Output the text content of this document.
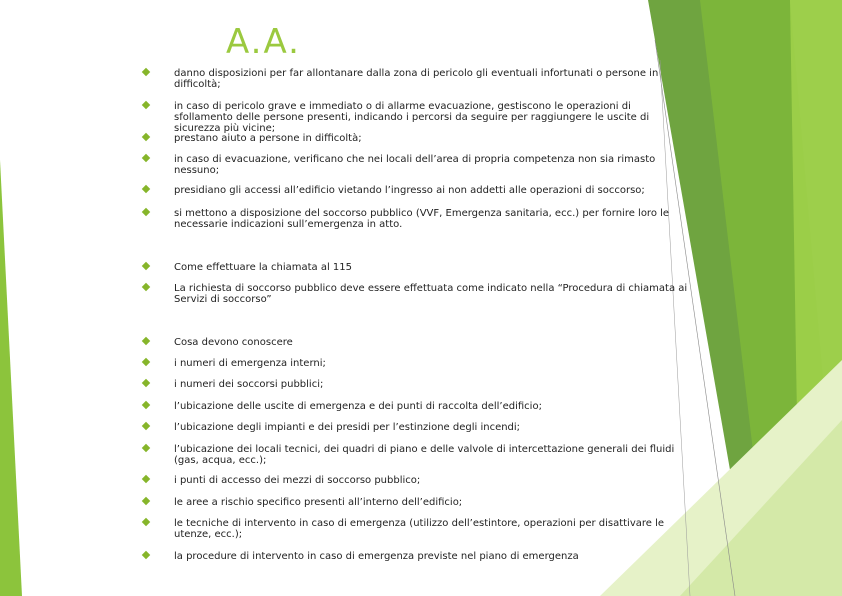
A.A.
danno disposizioni per far allontanare dalla zona di pericolo gli eventuali infortunati o persone in difficoltà;
in caso di pericolo grave e immediato o di allarme evacuazione, gestiscono le operazioni di sfollamento delle persone presenti, indicando i percorsi da seguire per raggiungere le uscite di sicurezza più vicine;
prestano aiuto a persone in difficoltà;
in caso di evacuazione, verificano che nei locali dell’area di propria competenza non sia rimasto nessuno;
presidiano gli accessi all’edificio vietando l’ingresso ai non addetti alle operazioni di soccorso;
si mettono a disposizione del soccorso pubblico (VVF, Emergenza sanitaria, ecc.) per fornire loro le necessarie indicazioni sull’emergenza in atto.
Come effettuare la chiamata al 115
La richiesta di soccorso pubblico deve essere effettuata come indicato nella “Procedura di chiamata ai Servizi di soccorso”
Cosa devono conoscere
i numeri di emergenza interni;
i numeri dei soccorsi pubblici;
l’ubicazione delle uscite di emergenza e dei punti di raccolta dell’edificio;
l’ubicazione degli impianti e dei presidi per l’estinzione degli incendi;
l’ubicazione dei locali tecnici, dei quadri di piano e delle valvole di intercettazione generali dei fluidi (gas, acqua, ecc.);
i punti di accesso dei mezzi di soccorso pubblico;
le aree a rischio specifico presenti all’interno dell’edificio;
le tecniche di intervento in caso di emergenza (utilizzo dell’estintore, operazioni per disattivare le utenze, ecc.);
la procedure di intervento in caso di emergenza previste nel piano di emergenza
